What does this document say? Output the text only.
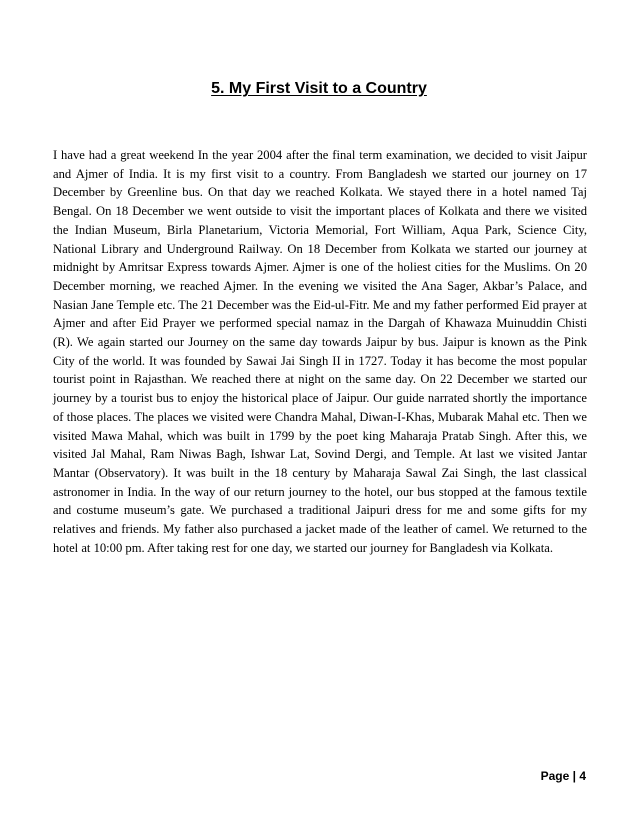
5. My First Visit to a Country

I have had a great weekend In the year 2004 after the final term examination, we decided to visit Jaipur and Ajmer of India. It is my first visit to a country. From Bangladesh we started our journey on 17 December by Greenline bus. On that day we reached Kolkata. We stayed there in a hotel named Taj Bengal. On 18 December we went outside to visit the important places of Kolkata and there we visited the Indian Museum, Birla Planetarium, Victoria Memorial, Fort William, Aqua Park, Science City, National Library and Underground Railway. On 18 December from Kolkata we started our journey at midnight by Amritsar Express towards Ajmer. Ajmer is one of the holiest cities for the Muslims. On 20 December morning, we reached Ajmer. In the evening we visited the Ana Sager, Akbar’s Palace, and Nasian Jane Temple etc. The 21 December was the Eid-ul-Fitr. Me and my father performed Eid prayer at Ajmer and after Eid Prayer we performed special namaz in the Dargah of Khawaza Muinuddin Chisti (R). We again started our Journey on the same day towards Jaipur by bus. Jaipur is known as the Pink City of the world. It was founded by Sawai Jai Singh II in 1727. Today it has become the most popular tourist point in Rajasthan. We reached there at night on the same day. On 22 December we started our journey by a tourist bus to enjoy the historical place of Jaipur. Our guide narrated shortly the importance of those places. The places we visited were Chandra Mahal, Diwan-I-Khas, Mubarak Mahal etc. Then we visited Mawa Mahal, which was built in 1799 by the poet king Maharaja Pratab Singh. After this, we visited Jal Mahal, Ram Niwas Bagh, Ishwar Lat, Sovind Dergi, and Temple. At last we visited Jantar Mantar (Observatory). It was built in the 18 century by Maharaja Sawal Zai Singh, the last classical astronomer in India. In the way of our return journey to the hotel, our bus stopped at the famous textile and costume museum’s gate. We purchased a traditional Jaipuri dress for me and some gifts for my relatives and friends. My father also purchased a jacket made of the leather of camel. We returned to the hotel at 10:00 pm. After taking rest for one day, we started our journey for Bangladesh via Kolkata.

Page | 4
